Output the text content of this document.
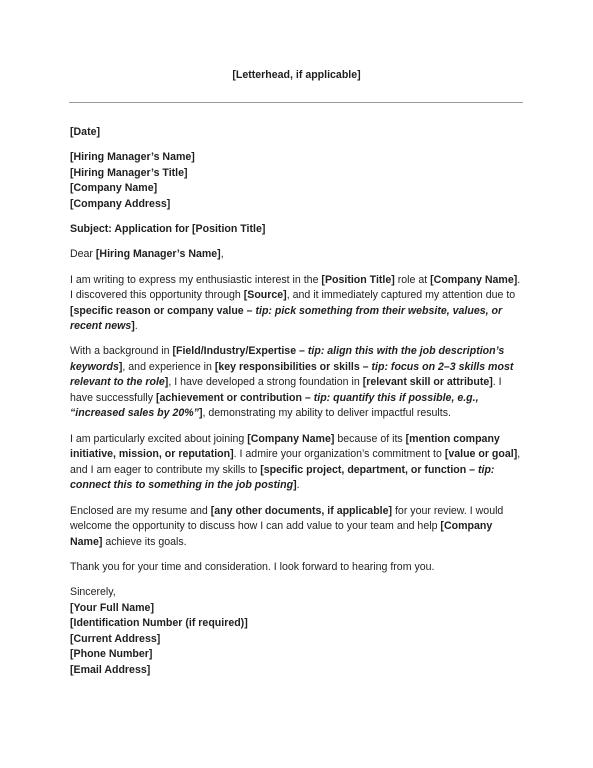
[Letterhead, if applicable]

[Date]

[Hiring Manager’s Name]
[Hiring Manager’s Title]
[Company Name]
[Company Address]

Subject: Application for [Position Title]

Dear [Hiring Manager’s Name],

I am writing to express my enthusiastic interest in the [Position Title] role at [Company Name]. I discovered this opportunity through [Source], and it immediately captured my attention due to [specific reason or company value – tip: pick something from their website, values, or recent news].

With a background in [Field/Industry/Expertise – tip: align this with the job description’s keywords], and experience in [key responsibilities or skills – tip: focus on 2–3 skills most relevant to the role], I have developed a strong foundation in [relevant skill or attribute]. I have successfully [achievement or contribution – tip: quantify this if possible, e.g., “increased sales by 20%”], demonstrating my ability to deliver impactful results.

I am particularly excited about joining [Company Name] because of its [mention company initiative, mission, or reputation]. I admire your organization’s commitment to [value or goal], and I am eager to contribute my skills to [specific project, department, or function – tip: connect this to something in the job posting].

Enclosed are my resume and [any other documents, if applicable] for your review. I would welcome the opportunity to discuss how I can add value to your team and help [Company Name] achieve its goals.

Thank you for your time and consideration. I look forward to hearing from you.

Sincerely,
[Your Full Name]
[Identification Number (if required)]
[Current Address]
[Phone Number]
[Email Address]
